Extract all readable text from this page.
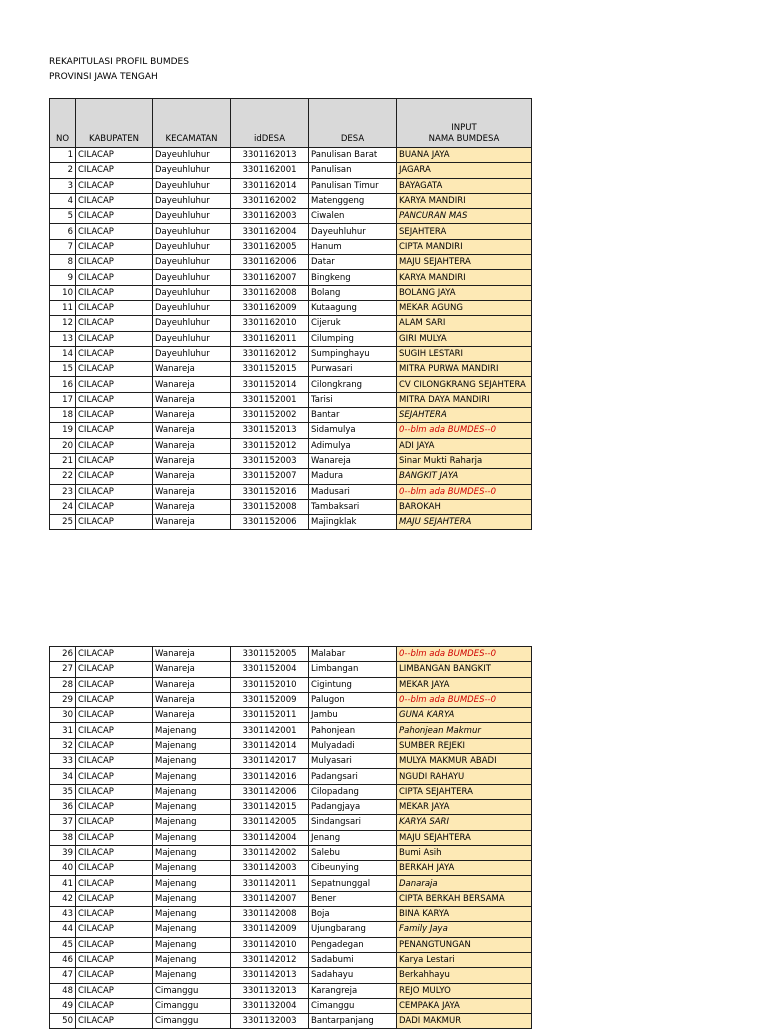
REKAPITULASI PROFIL BUMDES
PROVINSI JAWA TENGAH
NO	KABUPATEN	KECAMATAN	idDESA	DESA	INPUT
NAMA BUMDESA

1	CILACAP	Dayeuhluhur	3301162013	Panulisan Barat	BUANA JAYA
2	CILACAP	Dayeuhluhur	3301162001	Panulisan	JAGARA
3	CILACAP	Dayeuhluhur	3301162014	Panulisan Timur	BAYAGATA
4	CILACAP	Dayeuhluhur	3301162002	Matenggeng	KARYA MANDIRI
5	CILACAP	Dayeuhluhur	3301162003	Ciwalen	PANCURAN MAS
6	CILACAP	Dayeuhluhur	3301162004	Dayeuhluhur	SEJAHTERA
7	CILACAP	Dayeuhluhur	3301162005	Hanum	CIPTA MANDIRI
8	CILACAP	Dayeuhluhur	3301162006	Datar	MAJU SEJAHTERA
9	CILACAP	Dayeuhluhur	3301162007	Bingkeng	KARYA MANDIRI
10	CILACAP	Dayeuhluhur	3301162008	Bolang	BOLANG JAYA
11	CILACAP	Dayeuhluhur	3301162009	Kutaagung	MEKAR AGUNG
12	CILACAP	Dayeuhluhur	3301162010	Cijeruk	ALAM SARI
13	CILACAP	Dayeuhluhur	3301162011	Cilumping	GIRI MULYA
14	CILACAP	Dayeuhluhur	3301162012	Sumpinghayu	SUGIH LESTARI
15	CILACAP	Wanareja	3301152015	Purwasari	MITRA PURWA MANDIRI
16	CILACAP	Wanareja	3301152014	Cilongkrang	CV CILONGKRANG SEJAHTERA
17	CILACAP	Wanareja	3301152001	Tarisi	MITRA DAYA MANDIRI
18	CILACAP	Wanareja	3301152002	Bantar	SEJAHTERA
19	CILACAP	Wanareja	3301152013	Sidamulya	0--blm ada BUMDES--0
20	CILACAP	Wanareja	3301152012	Adimulya	ADI JAYA
21	CILACAP	Wanareja	3301152003	Wanareja	Sinar Mukti Raharja
22	CILACAP	Wanareja	3301152007	Madura	BANGKIT JAYA
23	CILACAP	Wanareja	3301152016	Madusari	0--blm ada BUMDES--0
24	CILACAP	Wanareja	3301152008	Tambaksari	BAROKAH
25	CILACAP	Wanareja	3301152006	Majingklak	MAJU SEJAHTERA
26	CILACAP	Wanareja	3301152005	Malabar	0--blm ada BUMDES--0
27	CILACAP	Wanareja	3301152004	Limbangan	LIMBANGAN BANGKIT
28	CILACAP	Wanareja	3301152010	Cigintung	MEKAR JAYA
29	CILACAP	Wanareja	3301152009	Palugon	0--blm ada BUMDES--0
30	CILACAP	Wanareja	3301152011	Jambu	GUNA KARYA
31	CILACAP	Majenang	3301142001	Pahonjean	Pahonjean Makmur
32	CILACAP	Majenang	3301142014	Mulyadadi	SUMBER REJEKI
33	CILACAP	Majenang	3301142017	Mulyasari	MULYA MAKMUR ABADI
34	CILACAP	Majenang	3301142016	Padangsari	NGUDI RAHAYU
35	CILACAP	Majenang	3301142006	Cilopadang	CIPTA SEJAHTERA
36	CILACAP	Majenang	3301142015	Padangjaya	MEKAR JAYA
37	CILACAP	Majenang	3301142005	Sindangsari	KARYA SARI
38	CILACAP	Majenang	3301142004	Jenang	MAJU SEJAHTERA
39	CILACAP	Majenang	3301142002	Salebu	Bumi Asih
40	CILACAP	Majenang	3301142003	Cibeunying	BERKAH JAYA
41	CILACAP	Majenang	3301142011	Sepatnunggal	Danaraja
42	CILACAP	Majenang	3301142007	Bener	CIPTA BERKAH BERSAMA
43	CILACAP	Majenang	3301142008	Boja	BINA KARYA
44	CILACAP	Majenang	3301142009	Ujungbarang	Family Jaya
45	CILACAP	Majenang	3301142010	Pengadegan	PENANGTUNGAN
46	CILACAP	Majenang	3301142012	Sadabumi	Karya Lestari
47	CILACAP	Majenang	3301142013	Sadahayu	Berkahhayu
48	CILACAP	Cimanggu	3301132013	Karangreja	REJO MULYO
49	CILACAP	Cimanggu	3301132004	Cimanggu	CEMPAKA JAYA
50	CILACAP	Cimanggu	3301132003	Bantarpanjang	DADI MAKMUR
